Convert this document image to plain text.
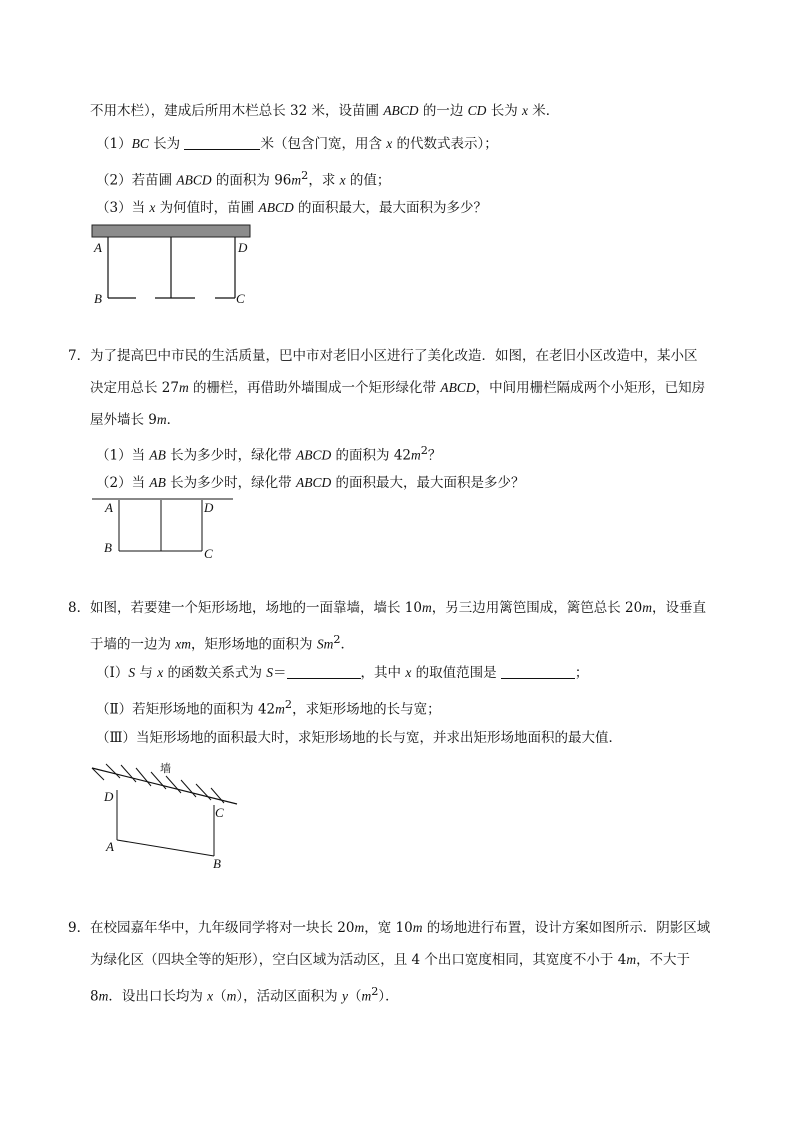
不用木栏），建成后所用木栏总长 32 米，设苗圃 ABCD 的一边 CD 长为 x 米．
（1）BC 长为	米（包含门宽，用含 x 的代数式表示）；
（2）若苗圃 ABCD 的面积为 $96m^2$，求 x 的值；
（3）当 x 为何值时，苗圃 ABCD 的面积最大，最大面积为多少？
A	D
B	C
7． 为了提高巴中市民的生活质量，巴中市对老旧小区进行了美化改造．如图，在老旧小区改造中，某小区
决定用总长 27m 的栅栏，再借助外墙围成一个矩形绿化带 ABCD，中间用栅栏隔成两个小矩形，已知房
屋外墙长 9m．
（1）当 AB 长为多少时，绿化带 ABCD 的面积为 $42m^2$？
（2）当 AB 长为多少时，绿化带 ABCD 的面积最大，最大面积是多少？
A	D
B	C
8． 如图，若要建一个矩形场地，场地的一面靠墙，墙长 10m，另三边用篱笆围成，篱笆总长 20m，设垂直
于墙的一边为 xm，矩形场地的面积为 Sm$^2$．
（Ⅰ）S 与 x 的函数关系式为 S＝	，其中 x 的取值范围是	；
（Ⅱ）若矩形场地的面积为 $42m^2$，求矩形场地的长与宽；
（Ⅲ）当矩形场地的面积最大时，求矩形场地的长与宽，并求出矩形场地面积的最大值．
墙
D
C
A
B
9． 在校园嘉年华中，九年级同学将对一块长 20m，宽 10m 的场地进行布置，设计方案如图所示．阴影区域
为绿化区（四块全等的矩形），空白区域为活动区，且 4 个出口宽度相同，其宽度不小于 4m，不大于
8m．设出口长均为 x（m），活动区面积为 $y(m^2)$．
